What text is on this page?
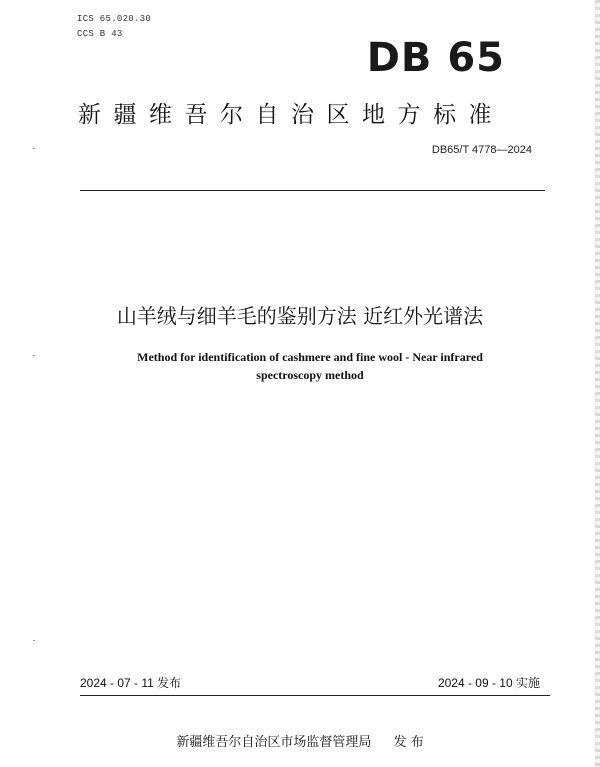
ICS 65.020.30
CCS B 43
DB 65
新疆维吾尔自治区地方标准
DB65/T 4778—2024
山羊绒与细羊毛的鉴别方法 近红外光谱法
Method for identification of cashmere and fine wool - Near infrared
spectroscopy method
2024 - 07 - 11 发布	2024 - 09 - 10 实施
新疆维吾尔自治区市场监督管理局 发 布
